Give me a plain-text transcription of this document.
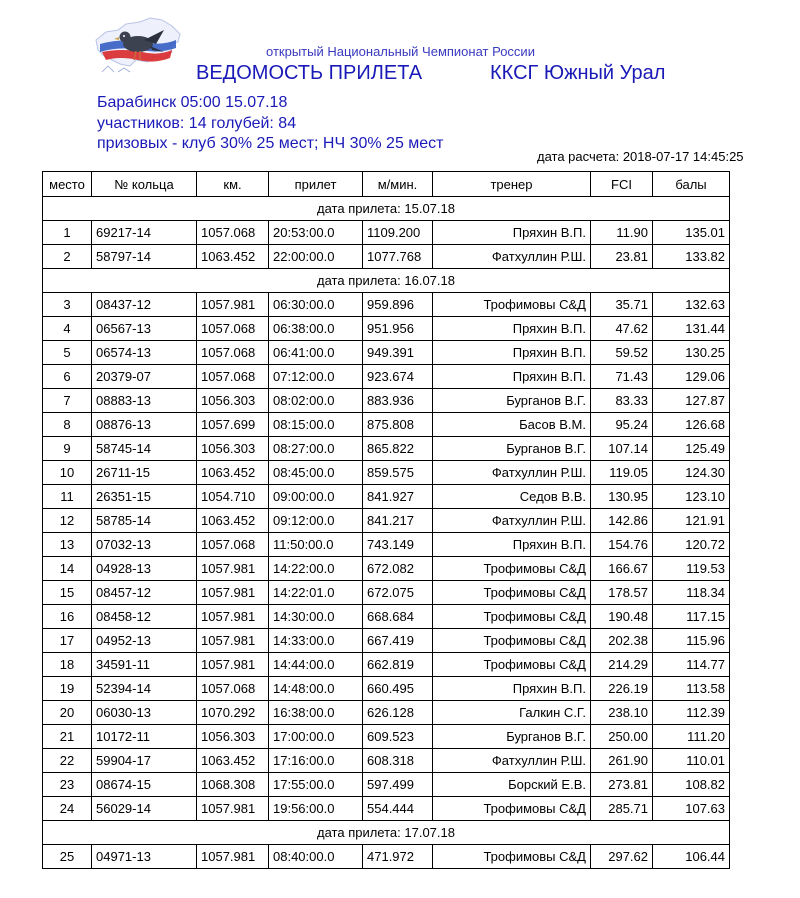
открытый Национальный Чемпионат России
ВЕДОМОСТЬ ПРИЛЕТА	ККСГ Южный Урал
Барабинск 05:00 15.07.18
участников: 14 голубей: 84
призовых - клуб 30% 25 мест; НЧ 30% 25 мест
дата расчета: 2018-07-17 14:45:25
место	№ кольца	км.	прилет	м/мин.	тренер	FCI	балы
дата прилета: 15.07.18							
1	69217-14	1057.068	20:53:00.0	1109.200	Пряхин В.П.	11.90	135.01
2	58797-14	1063.452	22:00:00.0	1077.768	Фатхуллин Р.Ш.	23.81	133.82
дата прилета: 16.07.18							
3	08437-12	1057.981	06:30:00.0	959.896	Трофимовы С&Д	35.71	132.63
4	06567-13	1057.068	06:38:00.0	951.956	Пряхин В.П.	47.62	131.44
5	06574-13	1057.068	06:41:00.0	949.391	Пряхин В.П.	59.52	130.25
6	20379-07	1057.068	07:12:00.0	923.674	Пряхин В.П.	71.43	129.06
7	08883-13	1056.303	08:02:00.0	883.936	Бурганов В.Г.	83.33	127.87
8	08876-13	1057.699	08:15:00.0	875.808	Басов В.М.	95.24	126.68
9	58745-14	1056.303	08:27:00.0	865.822	Бурганов В.Г.	107.14	125.49
10	26711-15	1063.452	08:45:00.0	859.575	Фатхуллин Р.Ш.	119.05	124.30
11	26351-15	1054.710	09:00:00.0	841.927	Седов В.В.	130.95	123.10
12	58785-14	1063.452	09:12:00.0	841.217	Фатхуллин Р.Ш.	142.86	121.91
13	07032-13	1057.068	11:50:00.0	743.149	Пряхин В.П.	154.76	120.72
14	04928-13	1057.981	14:22:00.0	672.082	Трофимовы С&Д	166.67	119.53
15	08457-12	1057.981	14:22:01.0	672.075	Трофимовы С&Д	178.57	118.34
16	08458-12	1057.981	14:30:00.0	668.684	Трофимовы С&Д	190.48	117.15
17	04952-13	1057.981	14:33:00.0	667.419	Трофимовы С&Д	202.38	115.96
18	34591-11	1057.981	14:44:00.0	662.819	Трофимовы С&Д	214.29	114.77
19	52394-14	1057.068	14:48:00.0	660.495	Пряхин В.П.	226.19	113.58
20	06030-13	1070.292	16:38:00.0	626.128	Галкин С.Г.	238.10	112.39
21	10172-11	1056.303	17:00:00.0	609.523	Бурганов В.Г.	250.00	111.20
22	59904-17	1063.452	17:16:00.0	608.318	Фатхуллин Р.Ш.	261.90	110.01
23	08674-15	1068.308	17:55:00.0	597.499	Борский Е.В.	273.81	108.82
24	56029-14	1057.981	19:56:00.0	554.444	Трофимовы С&Д	285.71	107.63
дата прилета: 17.07.18							
25	04971-13	1057.981	08:40:00.0	471.972	Трофимовы С&Д	297.62	106.44
